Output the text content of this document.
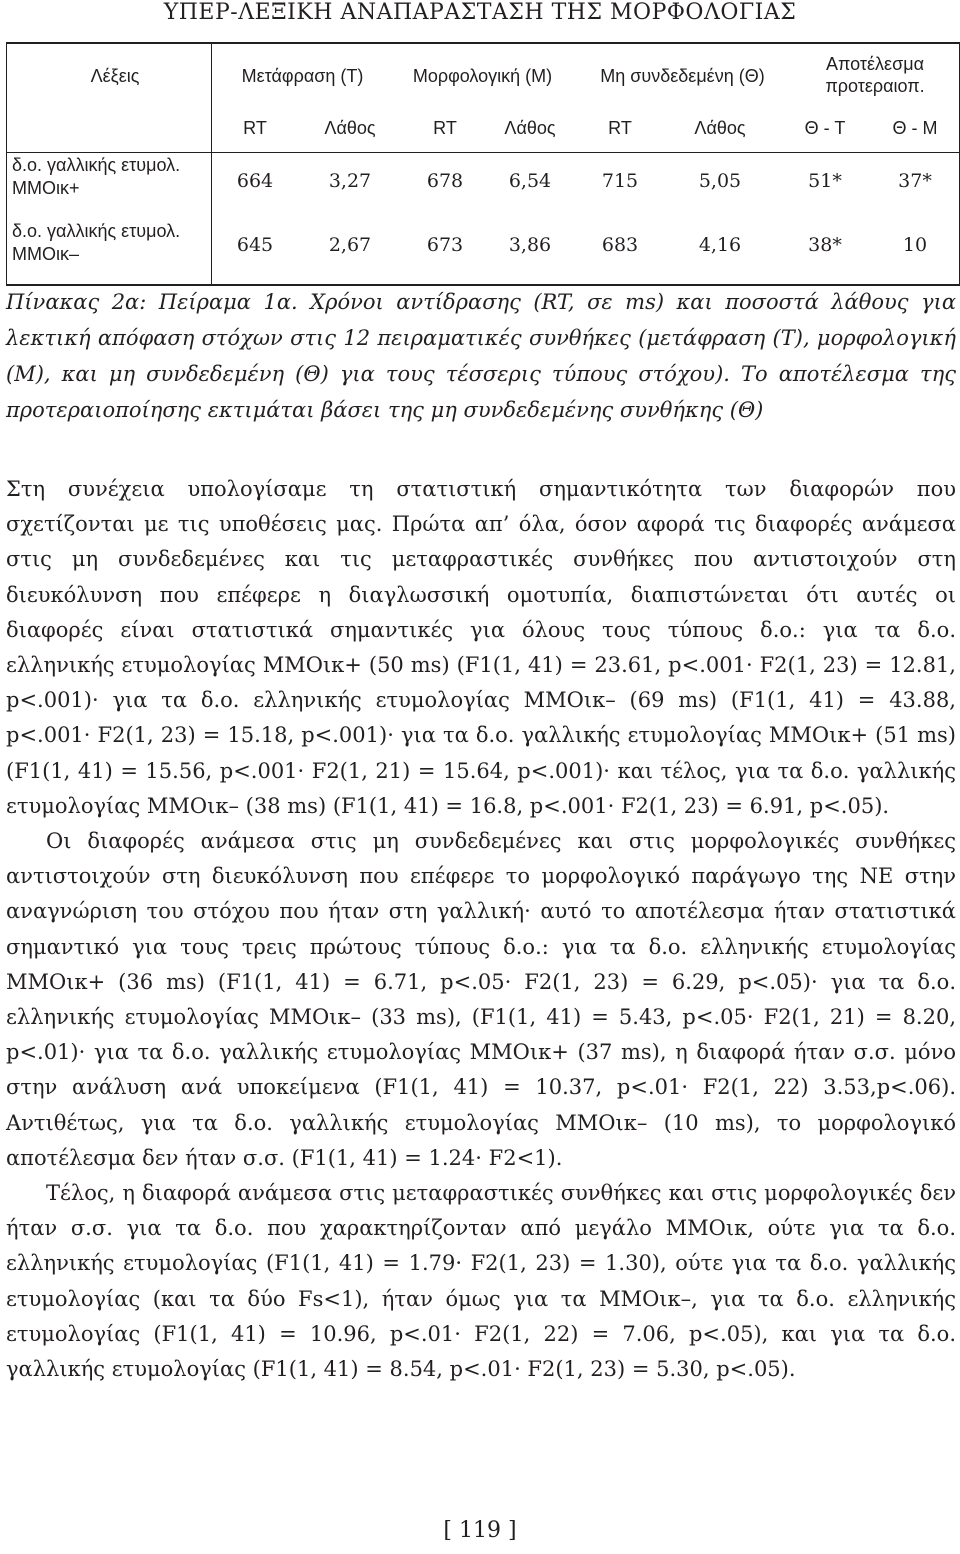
ΥΠΕΡ-ΛΕΞΙΚΗ ΑΝΑΠΑΡΑΣΤΑΣΗ ΤΗΣ ΜΟΡΦΟΛΟΓΙΑΣ
Λέξεις	Μετάφραση (Τ)	Μορφολογική (Μ)	Μη συνδεδεμένη (Θ)
Αποτέλεσμα προτεραιοπ.
RT	Λάθος	RT	Λάθος	RT	Λάθος	Θ - Τ	Θ - Μ
δ.ο. γαλλικής ετυμολ. ΜΜΟικ+	664	3,27	678	6,54	715	5,05	51*	37*
δ.ο. γαλλικής ετυμολ. ΜΜΟικ–	645	2,67	673	3,86	683	4,16	38*	10
Πίνακας 2α: Πείραμα 1α. Χρόνοι αντίδρασης (RT, σε ms) και ποσοστά λάθους για λεκτική απόφαση στόχων στις 12 πειραματικές συνθήκες (μετάφραση (Τ), μορφολογική (Μ), και μη συνδεδεμένη (Θ) για τους τέσσερις τύπους στόχου). Το αποτέλεσμα της προτεραιοποίησης εκτιμάται βάσει της μη συνδεδεμένης συνθήκης (Θ)

Στη συνέχεια υπολογίσαμε τη στατιστική σημαντικότητα των διαφορών που σχετίζονται με τις υποθέσεις μας. Πρώτα απ’ όλα, όσον αφορά τις διαφορές ανάμεσα στις μη συνδεδεμένες και τις μεταφραστικές συνθήκες που αντιστοιχούν στη διευκόλυνση που επέφερε η διαγλωσσική ομοτυπία, διαπιστώνεται ότι αυτές οι διαφορές είναι στατιστικά σημαντικές για όλους τους τύπους δ.ο.: για τα δ.ο. ελληνικής ετυμολογίας ΜΜΟικ+ (50 ms) (F1(1, 41) = 23.61, p<.001· F2(1, 23) = 12.81, p<.001)· για τα δ.ο. ελληνικής ετυμολογίας ΜΜΟικ– (69 ms) (F1(1, 41) = 43.88, p<.001· F2(1, 23) = 15.18, p<.001)· για τα δ.ο. γαλλικής ετυμολογίας ΜΜΟικ+ (51 ms) (F1(1, 41) = 15.56, p<.001· F2(1, 21) = 15.64, p<.001)· και τέλος, για τα δ.ο. γαλλικής ετυμολογίας ΜΜΟικ– (38 ms) (F1(1, 41) = 16.8, p<.001· F2(1, 23) = 6.91, p<.05).

Οι διαφορές ανάμεσα στις μη συνδεδεμένες και στις μορφολογικές συνθήκες αντιστοιχούν στη διευκόλυνση που επέφερε το μορφολογικό παράγωγο της ΝΕ στην αναγνώριση του στόχου που ήταν στη γαλλική· αυτό το αποτέλεσμα ήταν στατιστικά σημαντικό για τους τρεις πρώτους τύπους δ.ο.: για τα δ.ο. ελληνικής ετυμολογίας ΜΜΟικ+ (36 ms) (F1(1, 41) = 6.71, p<.05· F2(1, 23) = 6.29, p<.05)· για τα δ.ο. ελληνικής ετυμολογίας ΜΜΟικ– (33 ms), (F1(1, 41) = 5.43, p<.05· F2(1, 21) = 8.20, p<.01)· για τα δ.ο. γαλλικής ετυμολογίας ΜΜΟικ+ (37 ms), η διαφορά ήταν σ.σ. μόνο στην ανάλυση ανά υποκείμενα (F1(1, 41) = 10.37, p<.01· F2(1, 22) 3.53,p<.06). Αντιθέτως, για τα δ.ο. γαλλικής ετυμολογίας ΜΜΟικ– (10 ms), το μορφολογικό αποτέλεσμα δεν ήταν σ.σ. (F1(1, 41) = 1.24· F2<1).

Τέλος, η διαφορά ανάμεσα στις μεταφραστικές συνθήκες και στις μορφολογικές δεν ήταν σ.σ. για τα δ.ο. που χαρακτηρίζονταν από μεγάλο ΜΜΟικ, ούτε για τα δ.ο. ελληνικής ετυμολογίας (F1(1, 41) = 1.79· F2(1, 23) = 1.30), ούτε για τα δ.ο. γαλλικής ετυμολογίας (και τα δύο Fs<1), ήταν όμως για τα ΜΜΟικ–, για τα δ.ο. ελληνικής ετυμολογίας (F1(1, 41) = 10.96, p<.01· F2(1, 22) = 7.06, p<.05), και για τα δ.ο. γαλλικής ετυμολογίας (F1(1, 41) = 8.54, p<.01· F2(1, 23) = 5.30, p<.05).

[ 119 ]
